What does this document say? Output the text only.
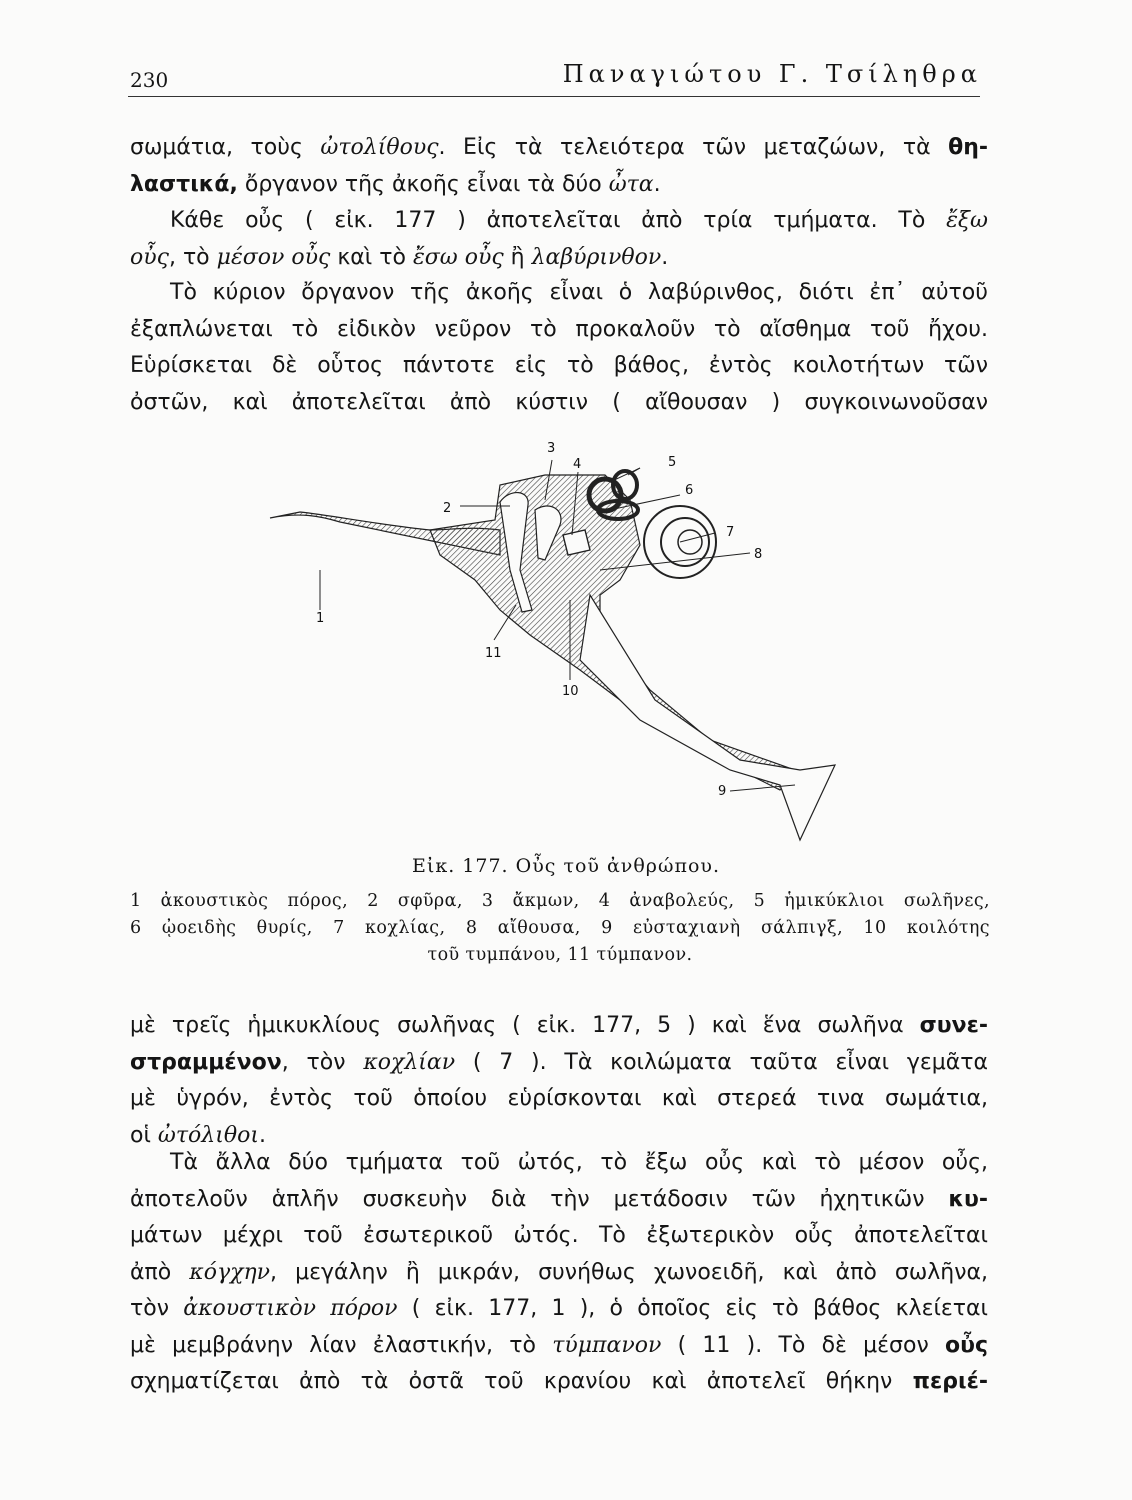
230	Παναγιώτου Γ. Τσίληθρα
σωμάτια, τοὺς ὠτολίθους. Εἰς τὰ τελειότερα τῶν μεταζώων, τὰ θη-
λαστικά, ὄργανον τῆς ἀκοῆς εἶναι τὰ δύο ὦτα.
Κάθε οὖς ( εἰκ. 177 ) ἀποτελεῖται ἀπὸ τρία τμήματα. Τὸ ἔξω
οὖς, τὸ μέσον οὖς καὶ τὸ ἔσω οὖς ἢ λαβύρινθον.
Τὸ κύριον ὄργανον τῆς ἀκοῆς εἶναι ὁ λαβύρινθος, διότι ἐπ᾽ αὐτοῦ
ἐξαπλώνεται τὸ εἰδικὸν νεῦρον τὸ προκαλοῦν τὸ αἴσθημα τοῦ ἤχου.
Εὑρίσκεται δὲ οὗτος πάντοτε εἰς τὸ βάθος, ἐντὸς κοιλοτήτων τῶν
ὀστῶν, καὶ ἀποτελεῖται ἀπὸ κύστιν ( αἴθουσαν ) συγκοινωνοῦσαν
1
2
3
4	5
6
7
8
9
10
11
Εἰκ. 177. Οὖς τοῦ ἀνθρώπου.
1 ἀκουστικὸς πόρος, 2 σφῦρα, 3 ἄκμων, 4 ἀναβολεύς, 5 ἡμικύκλιοι σωλῆνες,
6 ᾠοειδὴς θυρίς, 7 κοχλίας, 8 αἴθουσα, 9 εὐσταχιανὴ σάλπιγξ, 10 κοιλότης
τοῦ τυμπάνου, 11 τύμπανον.
μὲ τρεῖς ἡμικυκλίους σωλῆνας ( εἰκ. 177, 5 ) καὶ ἕνα σωλῆνα συνε-
στραμμένον, τὸν κοχλίαν ( 7 ). Τὰ κοιλώματα ταῦτα εἶναι γεμᾶτα
μὲ ὑγρόν, ἐντὸς τοῦ ὁποίου εὑρίσκονται καὶ στερεά τινα σωμάτια,
οἱ ὠτόλιθοι.
Τὰ ἄλλα δύο τμήματα τοῦ ὠτός, τὸ ἔξω οὖς καὶ τὸ μέσον οὖς,
ἀποτελοῦν ἁπλῆν συσκευὴν διὰ τὴν μετάδοσιν τῶν ἠχητικῶν κυ-
μάτων μέχρι τοῦ ἐσωτερικοῦ ὠτός. Τὸ ἐξωτερικὸν οὖς ἀποτελεῖται
ἀπὸ κόγχην, μεγάλην ἢ μικράν, συνήθως χωνοειδῆ, καὶ ἀπὸ σωλῆνα,
τὸν ἀκουστικὸν πόρον ( εἰκ. 177, 1 ), ὁ ὁποῖος εἰς τὸ βάθος κλείεται
μὲ μεμβράνην λίαν ἐλαστικήν, τὸ τύμπανον ( 11 ). Τὸ δὲ μέσον οὖς
σχηματίζεται ἀπὸ τὰ ὀστᾶ τοῦ κρανίου καὶ ἀποτελεῖ θήκην περιέ-
